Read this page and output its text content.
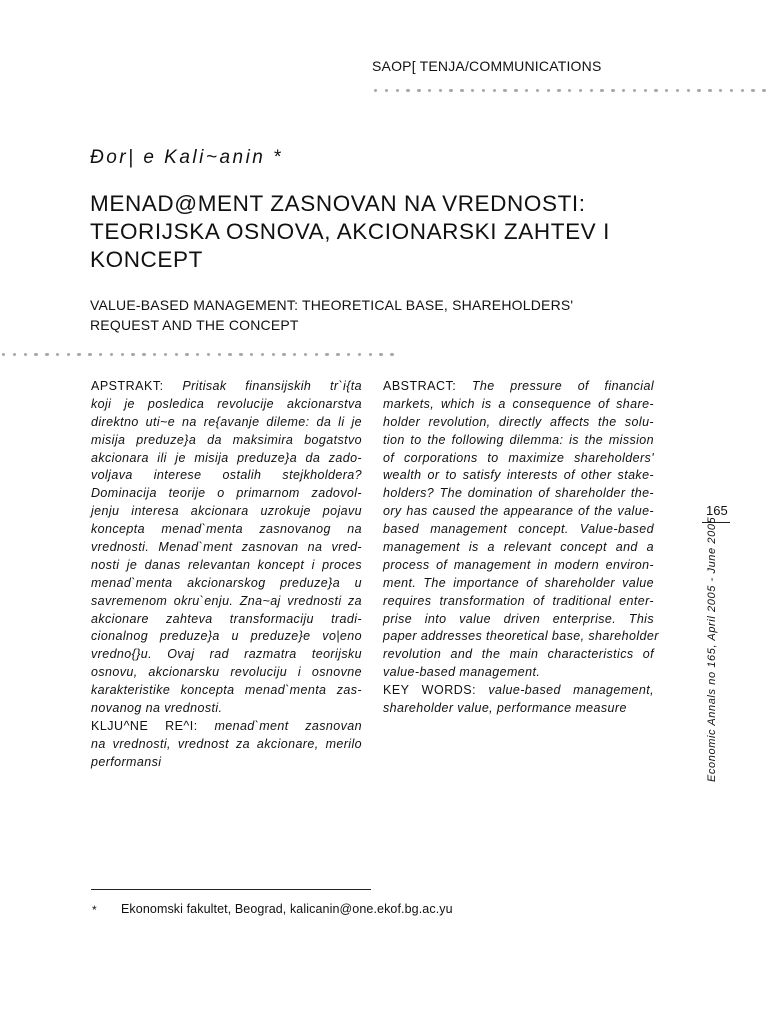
SAOP[ TENJA/COMMUNICATIONS
Đor| e Kali~anin *
MENAD@MENT ZASNOVAN NA VREDNOSTI:
TEORIJSKA OSNOVA, AKCIONARSKI ZAHTEV I
KONCEPT
VALUE-BASED MANAGEMENT: THEORETICAL BASE, SHAREHOLDERS'
REQUEST AND THE CONCEPT
APSTRAKT: Pritisak finansijskih tr`i{ta
koji je posledica revolucije akcionarstva
direktno uti~e na re{avanje dileme: da li je
misija preduze}a da maksimira bogatstvo
akcionara ili je misija preduze}a da zado-
voljava interese ostalih stejkholdera?
Dominacija teorije o primarnom zadovol-
jenju interesa akcionara uzrokuje pojavu
koncepta menad`menta zasnovanog na
vrednosti. Menad`ment zasnovan na vred-
nosti je danas relevantan koncept i proces
menad`menta akcionarskog preduze}a u
savremenom okru`enju. Zna~aj vrednosti za
akcionare zahteva transformaciju tradi-
cionalnog preduze}a u preduze}e vo|eno
vredno{}u. Ovaj rad razmatra teorijsku
osnovu, akcionarsku revoluciju i osnovne
karakteristike koncepta menad`menta zas-
novanog na vrednosti.
KLJU^NE RE^I: menad`ment zasnovan
na vrednosti, vrednost za akcionare, merilo
performansi
ABSTRACT: The pressure of financial
markets, which is a consequence of share-
holder revolution, directly affects the solu-
tion to the following dilemma: is the mission
of corporations to maximize shareholders'
wealth or to satisfy interests of other stake-
holders? The domination of shareholder the-
ory has caused the appearance of the value-
based management concept. Value-based
management is a relevant concept and a
process of management in modern environ-
ment. The importance of shareholder value
requires transformation of traditional enter-
prise into value driven enterprise. This
paper addresses theoretical base, shareholder
revolution and the main characteristics of
value-based management.
KEY WORDS: value-based management,
shareholder value, performance measure
165
Economic Annals no 165, April 2005 - June 2005
* Ekonomski fakultet, Beograd, kalicanin@one.ekof.bg.ac.yu
